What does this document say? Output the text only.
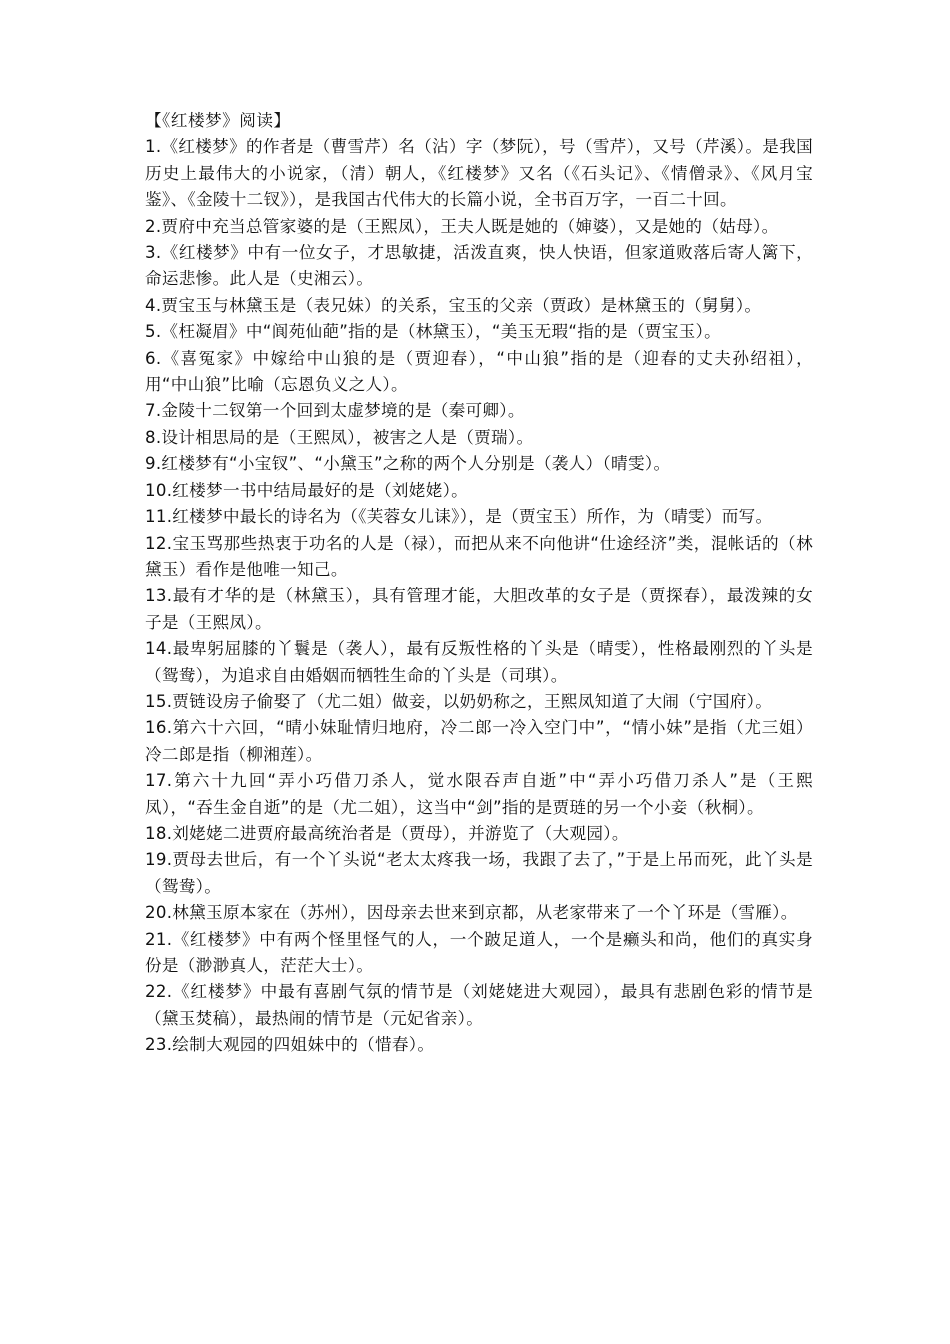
【《红楼梦》阅读】

1.《红楼梦》的作者是（曹雪芹）名（沾）字（梦阮），号（雪芹），又号（芹溪）。是我国历史上最伟大的小说家，（清）朝人，《红楼梦》又名（《石头记》、《情僧录》、《风月宝鉴》、《金陵十二钗》），是我国古代伟大的长篇小说，全书百万字，一百二十回。

2.贾府中充当总管家婆的是（王熙凤），王夫人既是她的（婶婆），又是她的（姑母）。

3.《红楼梦》中有一位女子，才思敏捷，活泼直爽，快人快语，但家道败落后寄人篱下，命运悲惨。此人是（史湘云）。

4.贾宝玉与林黛玉是（表兄妹）的关系，宝玉的父亲（贾政）是林黛玉的（舅舅）。

5.《枉凝眉》中“阆苑仙葩”指的是（林黛玉），“美玉无瑕“指的是（贾宝玉）。

6.《喜冤家》中嫁给中山狼的是（贾迎春），“中山狼”指的是（迎春的丈夫孙绍祖），用“中山狼”比喻（忘恩负义之人）。

7.金陵十二钗第一个回到太虚梦境的是（秦可卿）。

8.设计相思局的是（王熙凤），被害之人是（贾瑞）。

9.红楼梦有“小宝钗”、“小黛玉”之称的两个人分别是（袭人）（晴雯）。

10.红楼梦一书中结局最好的是（刘姥姥）。

11.红楼梦中最长的诗名为（《芙蓉女儿诔》），是（贾宝玉）所作，为（晴雯）而写。

12.宝玉骂那些热衷于功名的人是（禄），而把从来不向他讲“仕途经济”类，混帐话的（林黛玉）看作是他唯一知己。

13.最有才华的是（林黛玉），具有管理才能，大胆改革的女子是（贾探春），最泼辣的女子是（王熙凤）。

14.最卑躬屈膝的丫鬟是（袭人），最有反叛性格的丫头是（晴雯），性格最刚烈的丫头是（鸳鸯），为追求自由婚姻而牺牲生命的丫头是（司琪）。

15.贾链设房子偷娶了（尤二姐）做妾，以奶奶称之，王熙凤知道了大闹（宁国府）。

16.第六十六回，“晴小妹耻情归地府，冷二郎一冷入空门中”，“情小妹”是指（尤三姐）冷二郎是指（柳湘莲）。

17.第六十九回“弄小巧借刀杀人，觉水限吞声自逝”中“弄小巧借刀杀人”是（王熙凤），“吞生金自逝”的是（尤二姐），这当中“剑”指的是贾琏的另一个小妾（秋桐）。

18.刘姥姥二进贾府最高统治者是（贾母），并游览了（大观园）。

19.贾母去世后，有一个丫头说“老太太疼我一场，我跟了去了，”于是上吊而死，此丫头是（鸳鸯）。

20.林黛玉原本家在（苏州），因母亲去世来到京都，从老家带来了一个丫环是（雪雁）。

21.《红楼梦》中有两个怪里怪气的人，一个跛足道人，一个是癞头和尚，他们的真实身份是（渺渺真人，茫茫大士）。

22.《红楼梦》中最有喜剧气氛的情节是（刘姥姥进大观园），最具有悲剧色彩的情节是（黛玉焚稿），最热闹的情节是（元妃省亲）。

23.绘制大观园的四姐妹中的（惜春）。
